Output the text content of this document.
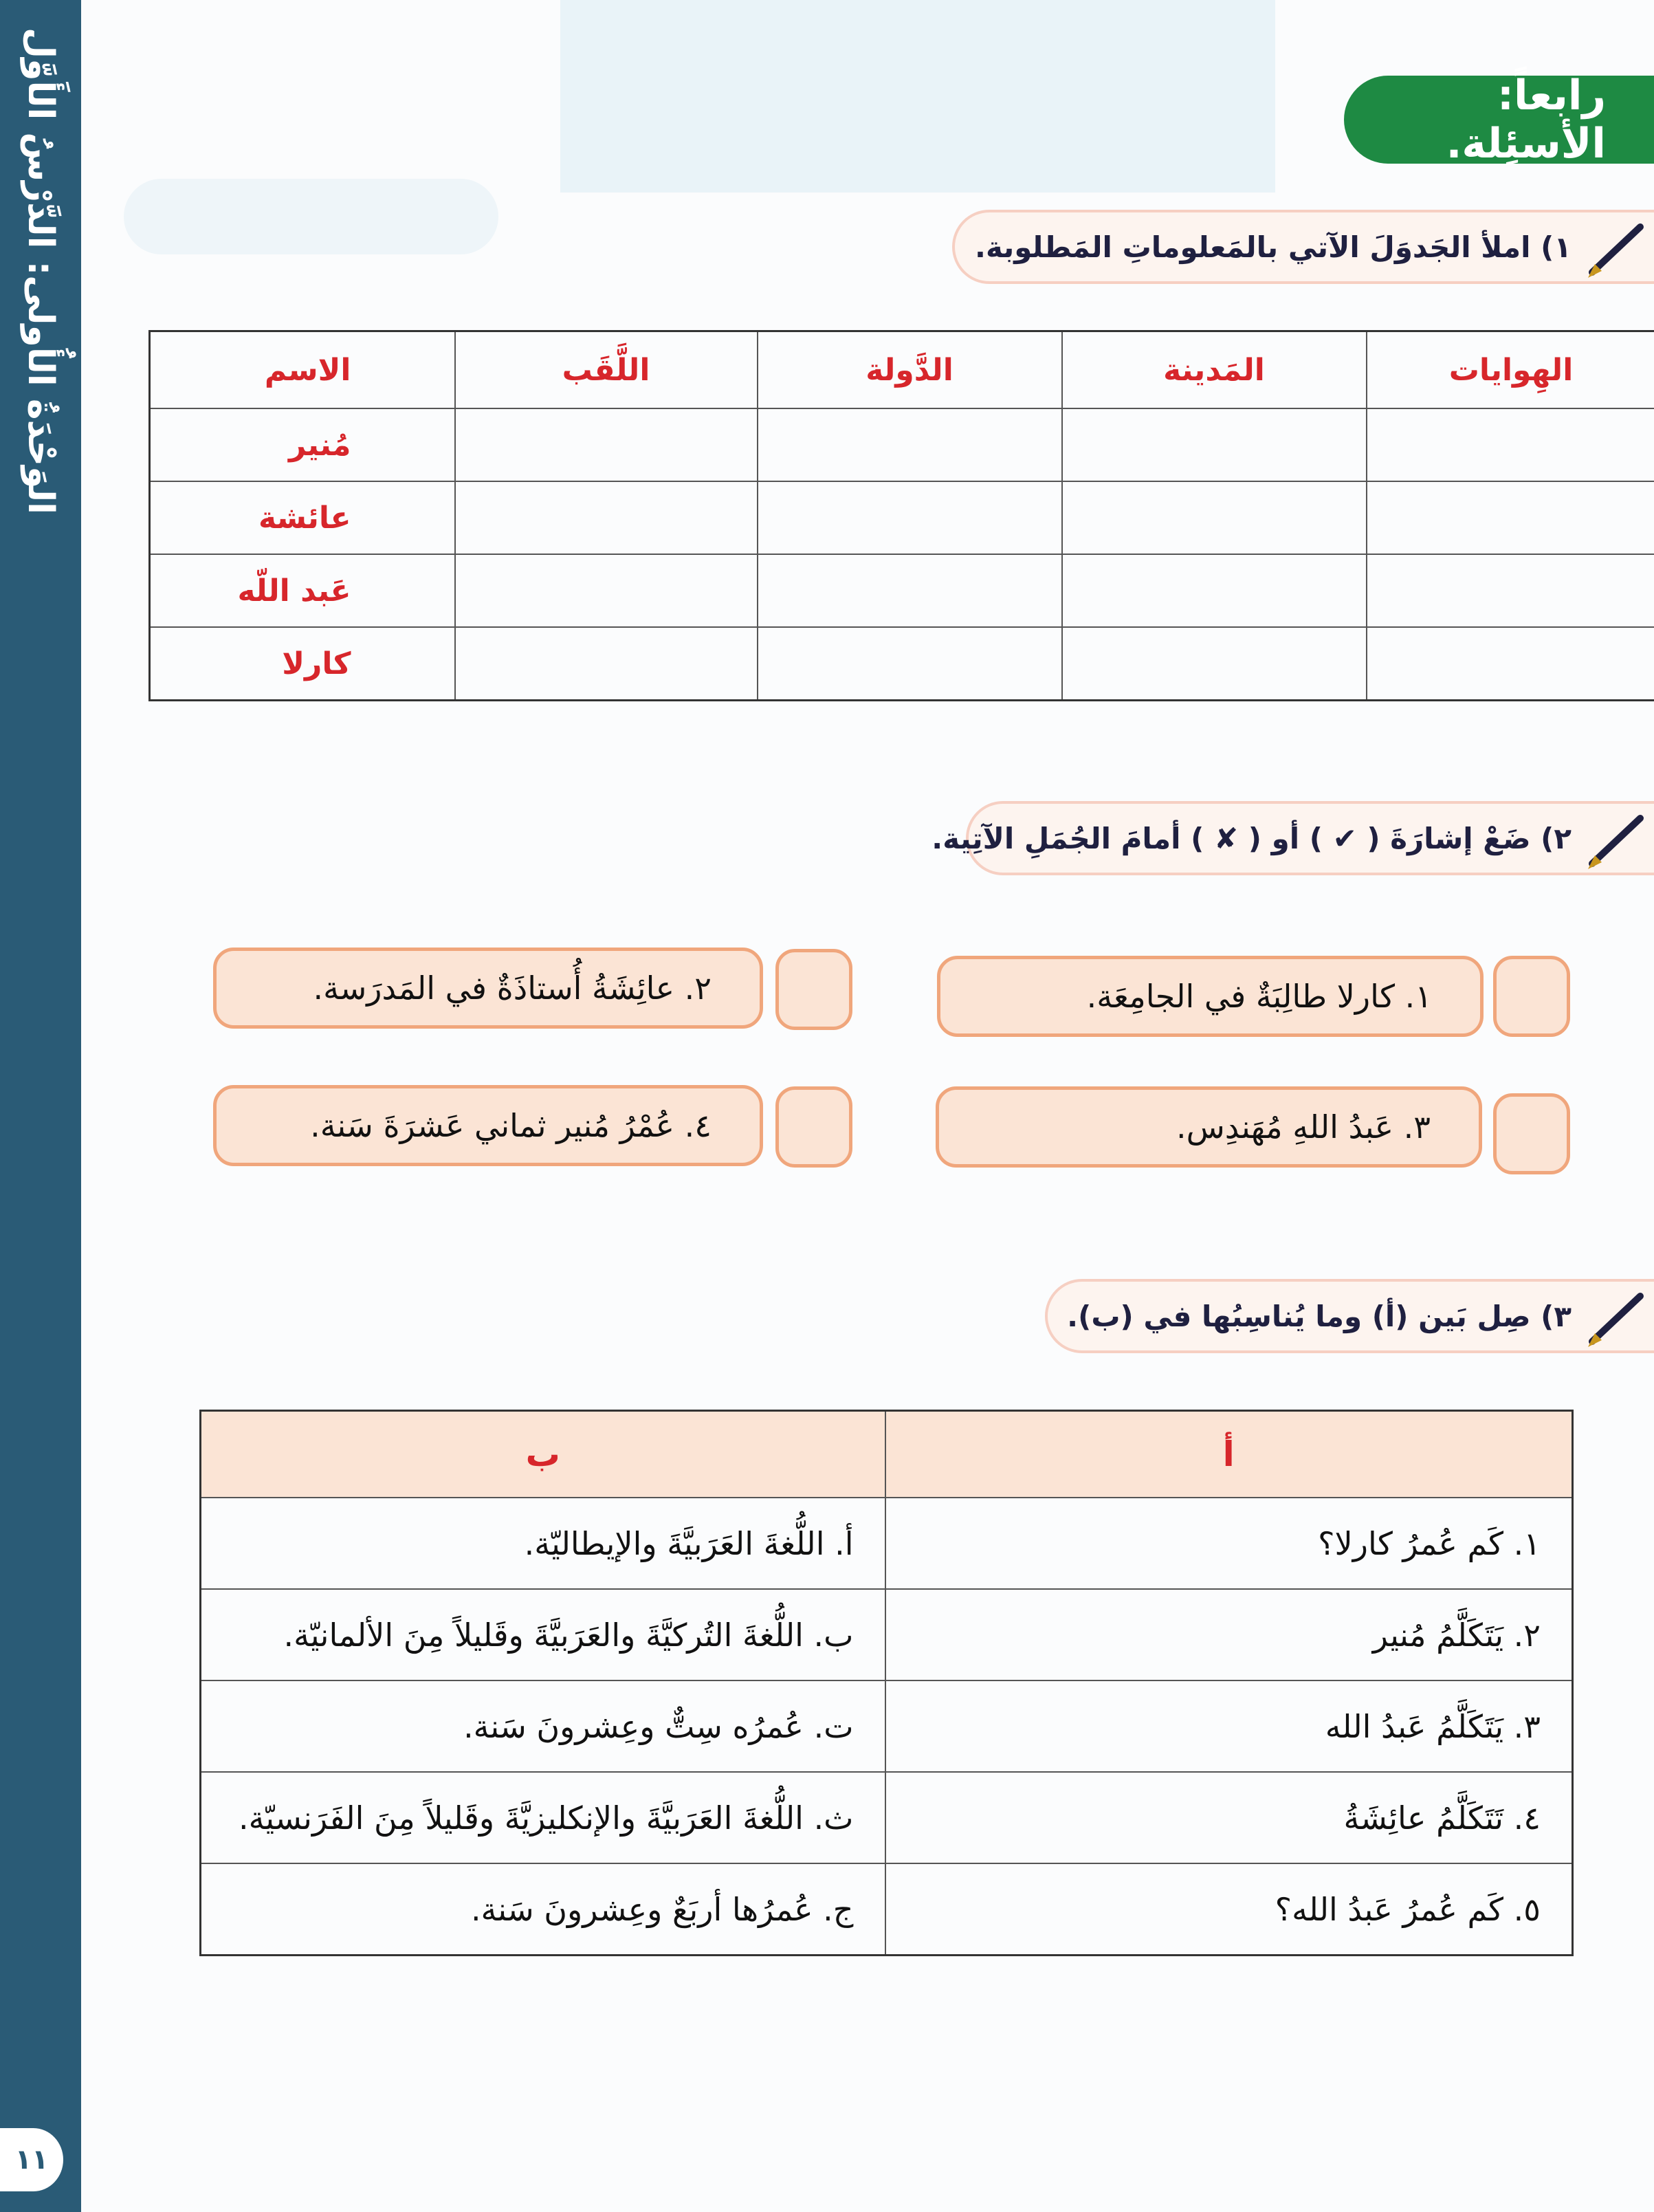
الوَحْدَةُ الأُولى: الدَّرْسُ الأَوَّل
١١
رابعاً: الأسئِلة.
١) املأ الجَدوَلَ الآتي بالمَعلوماتِ المَطلوبة.
الهِوايات	المَدينة	الدَّولة	اللَّقَب	الاسم
				مُنير
				عائشة
				عَبد اللّه
				كارلا
٢) ضَعْ إشارَةَ ( ✔ ) أو ( ✘ ) أمامَ الجُمَلِ الآتِية.
١. كارلا طالِبَةٌ في الجامِعَة.
٢. عائِشَةُ أُستاذَةٌ في المَدرَسة.
٣. عَبدُ اللهِ مُهَندِس.
٤. عُمْرُ مُنير ثماني عَشرَةَ سَنة.
٣) صِل بَين (أ) وما يُناسِبُها في (ب).
أ	ب
١. كَم عُمرُ كارلا؟	أ. اللُّغةَ العَرَبيَّةَ والإيطاليّة.
٢. يَتَكَلَّمُ مُنير	ب. اللُّغةَ التُركيَّةَ والعَرَبيَّةَ وقَليلاً مِنَ الألمانيّة.
٣. يَتَكَلَّمُ عَبدُ الله	ت. عُمرُه سِتٌّ وعِشرونَ سَنة.
٤. تَتَكَلَّمُ عائِشَةُ	ث. اللُّغةَ العَرَبيَّةَ والإنكليزيَّةَ وقَليلاً مِنَ الفَرَنسيّة.
٥. كَم عُمرُ عَبدُ الله؟	ج. عُمرُها أربَعٌ وعِشرونَ سَنة.
